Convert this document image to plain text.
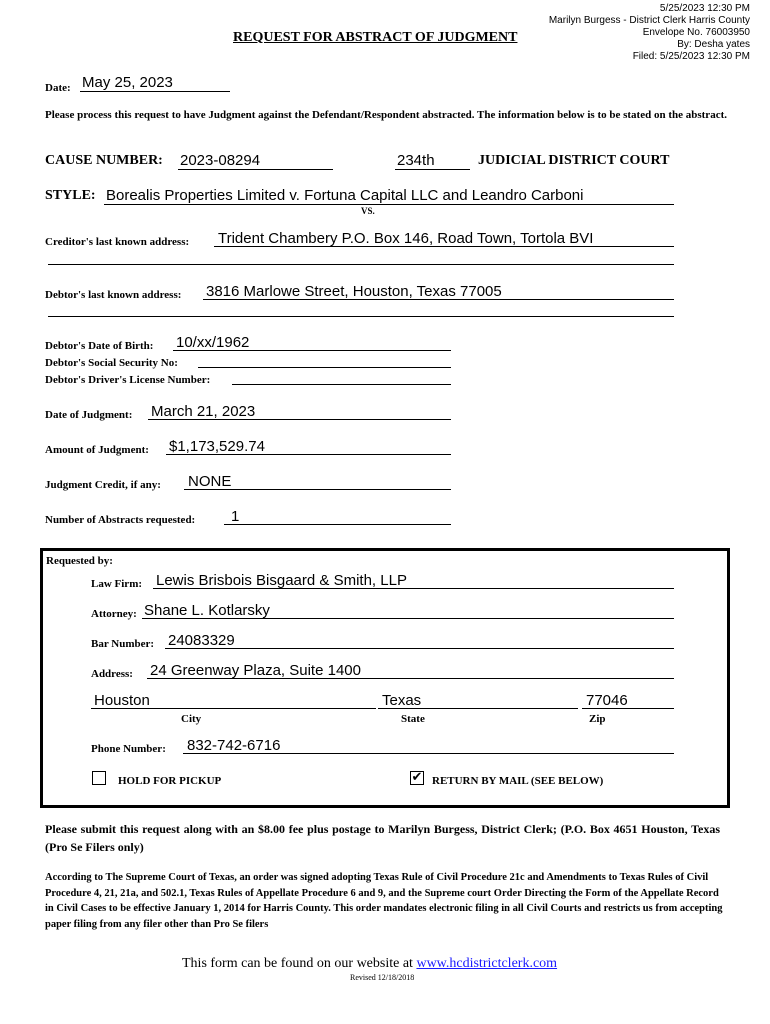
5/25/2023 12:30 PM
Marilyn Burgess - District Clerk Harris County
Envelope No. 76003950
By: Desha yates
Filed: 5/25/2023 12:30 PM
REQUEST FOR ABSTRACT OF JUDGMENT
Date: May 25, 2023
Please process this request to have Judgment against the Defendant/Respondent abstracted. The information below is to be stated on the abstract.
CAUSE NUMBER: 2023-08294	234th	JUDICIAL DISTRICT COURT
STYLE: Borealis Properties Limited v. Fortuna Capital LLC and Leandro Carboni
VS.
Creditor's last known address: Trident Chambery P.O. Box 146, Road Town, Tortola BVI
Debtor's last known address: 3816 Marlowe Street, Houston, Texas 77005
Debtor's Date of Birth: 10/xx/1962
Debtor's Social Security No:
Debtor's Driver's License Number:
Date of Judgment: March 21, 2023
Amount of Judgment: $1,173,529.74
Judgment Credit, if any: NONE
Number of Abstracts requested: 1
Requested by:
Law Firm: Lewis Brisbois Bisgaard & Smith, LLP
Attorney: Shane L. Kotlarsky
Bar Number: 24083329
Address: 24 Greenway Plaza, Suite 1400
Houston	Texas	77046
City	State	Zip
Phone Number: 832-742-6716
HOLD FOR PICKUP	✔ RETURN BY MAIL (SEE BELOW)
Please submit this request along with an $8.00 fee plus postage to Marilyn Burgess, District Clerk; (P.O. Box 4651 Houston, Texas (Pro Se Filers only)
According to The Supreme Court of Texas, an order was signed adopting Texas Rule of Civil Procedure 21c and Amendments to Texas Rules of Civil Procedure 4, 21, 21a, and 502.1, Texas Rules of Appellate Procedure 6 and 9, and the Supreme court Order Directing the Form of the Appellate Record in Civil Cases to be effective January 1, 2014 for Harris County. This order mandates electronic filing in all Civil Courts and restricts us from accepting paper filing from any filer other than Pro Se filers
This form can be found on our website at www.hcdistrictclerk.com
Revised 12/18/2018
